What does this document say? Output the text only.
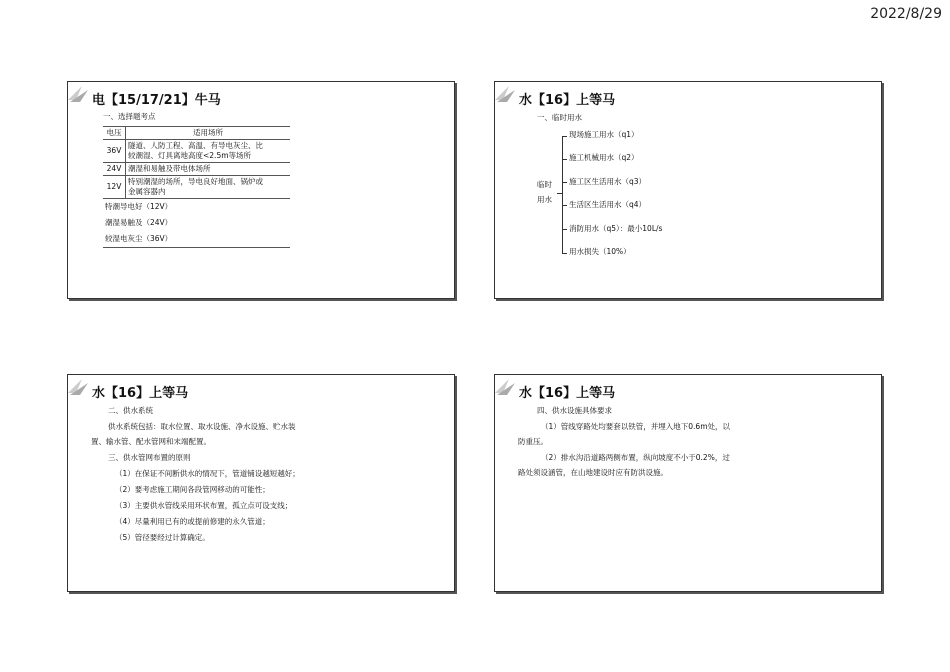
2022/8/29
电【15/17/21】牛马
一、选择题考点
电压	适用场所
36V	隧道、人防工程、高温、有导电灰尘、比
较潮湿、灯具离地高度<2.5m等场所

24V	潮湿和易触及带电体场所
12V	特别潮湿的场所，导电良好地面、锅炉或
金属容器内

特潮导电好（12V）	
潮湿易触及（24V）	
较湿电灰尘（36V）	
水【16】上等马
一、临时用水
临时
用水
现场施工用水（q1）
施工机械用水（q2）
施工区生活用水（q3）
生活区生活用水（q4）
消防用水（q5）：最小10L/s
用水损失（10%）
水【16】上等马
二、供水系统
供水系统包括：取水位置、取水设施、净水设施、贮水装
置、输水管、配水管网和末端配置。
三、供水管网布置的原则
（1）在保证不间断供水的情况下，管道铺设越短越好；
（2）要考虑施工期间各段管网移动的可能性；
（3）主要供水管线采用环状布置，孤立点可设支线；
（4）尽量利用已有的或提前修建的永久管道；
（5）管径要经过计算确定。
水【16】上等马
四、供水设施具体要求
（1）管线穿路处均要套以铁管，并埋入地下0.6m处，以
防重压。
（2）排水沟沿道路两侧布置，纵向坡度不小于0.2%，过
路处须设涵管，在山地建设时应有防洪设施。
